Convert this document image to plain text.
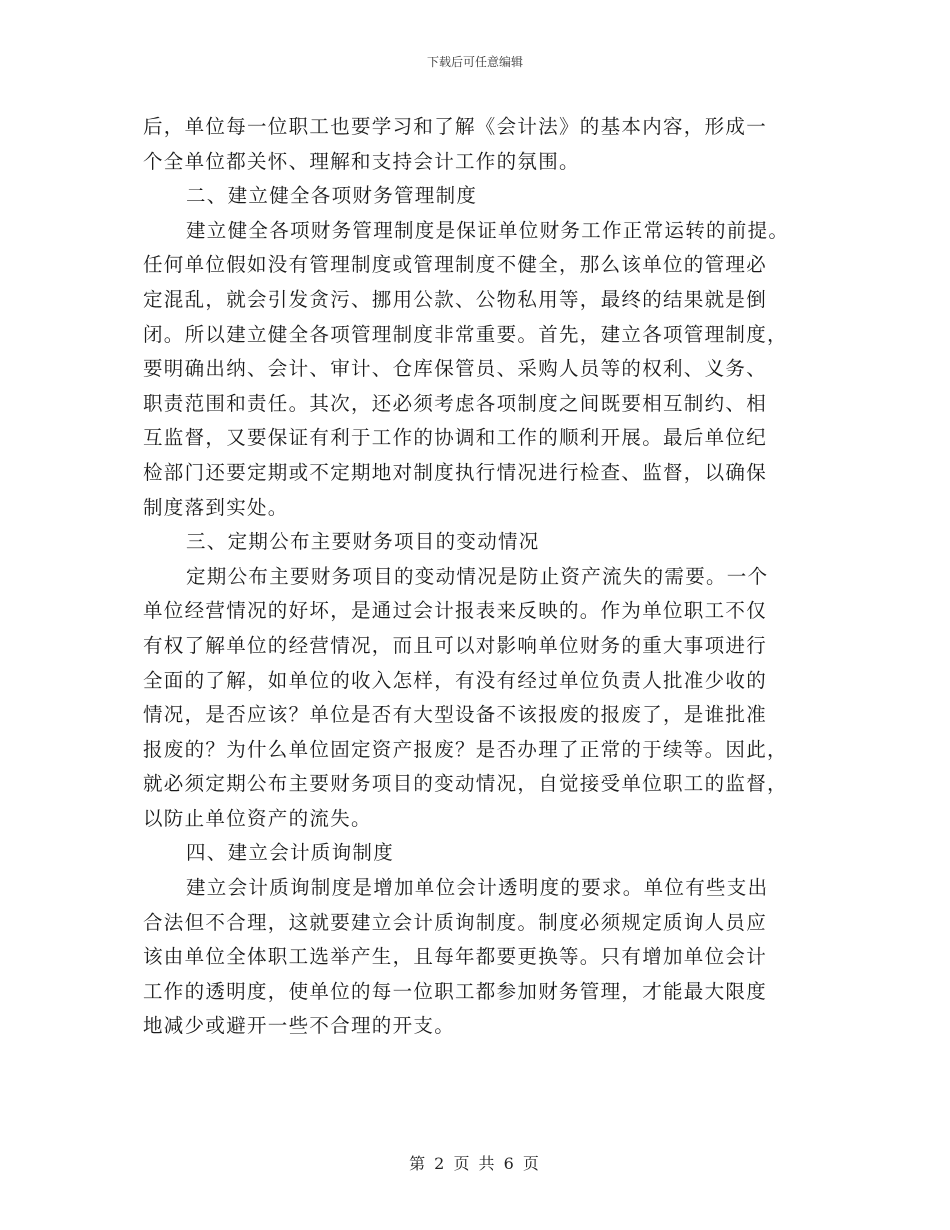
下载后可任意编辑
后，单位每一位职工也要学习和了解《会计法》的基本内容，形成一
个全单位都关怀、理解和支持会计工作的氛围。
二、建立健全各项财务管理制度
建立健全各项财务管理制度是保证单位财务工作正常运转的前提。
任何单位假如没有管理制度或管理制度不健全，那么该单位的管理必
定混乱，就会引发贪污、挪用公款、公物私用等，最终的结果就是倒
闭。所以建立健全各项管理制度非常重要。首先，建立各项管理制度，
要明确出纳、会计、审计、仓库保管员、采购人员等的权利、义务、
职责范围和责任。其次，还必须考虑各项制度之间既要相互制约、相
互监督，又要保证有利于工作的协调和工作的顺利开展。最后单位纪
检部门还要定期或不定期地对制度执行情况进行检查、监督，以确保
制度落到实处。
三、定期公布主要财务项目的变动情况
定期公布主要财务项目的变动情况是防止资产流失的需要。一个
单位经营情况的好坏，是通过会计报表来反映的。作为单位职工不仅
有权了解单位的经营情况，而且可以对影响单位财务的重大事项进行
全面的了解，如单位的收入怎样，有没有经过单位负责人批准少收的
情况，是否应该？单位是否有大型设备不该报废的报废了，是谁批准
报废的？为什么单位固定资产报废？是否办理了正常的于续等。因此，
就必须定期公布主要财务项目的变动情况，自觉接受单位职工的监督，
以防止单位资产的流失。
四、建立会计质询制度
建立会计质询制度是增加单位会计透明度的要求。单位有些支出
合法但不合理，这就要建立会计质询制度。制度必须规定质询人员应
该由单位全体职工选举产生，且每年都要更换等。只有增加单位会计
工作的透明度，使单位的每一位职工都参加财务管理，才能最大限度
地减少或避开一些不合理的开支。
第 2 页 共 6 页
